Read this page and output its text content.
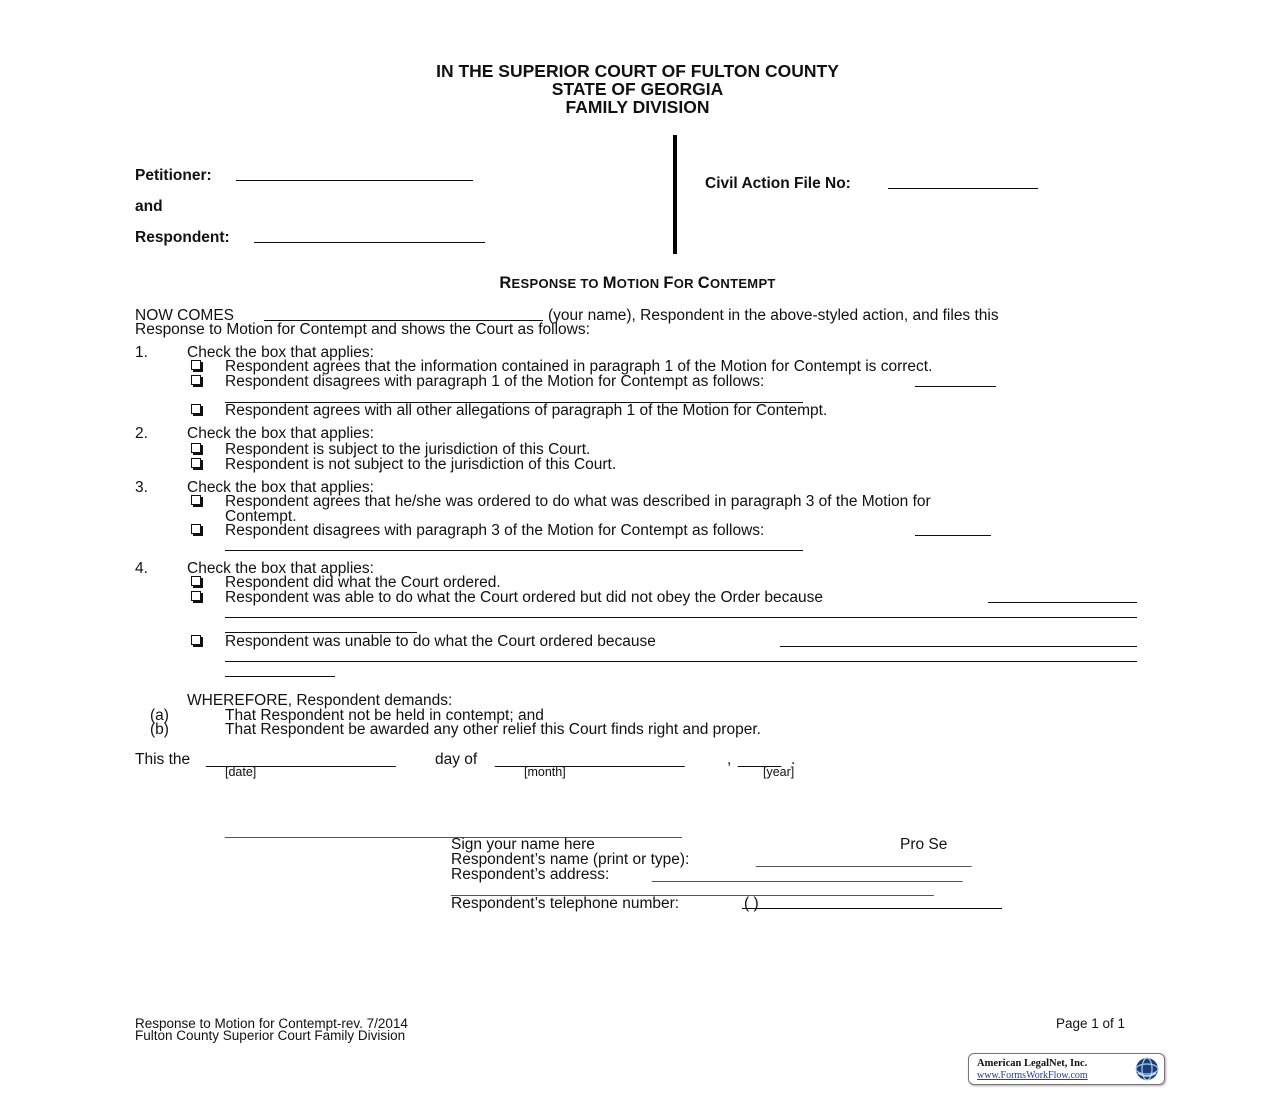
IN THE SUPERIOR COURT OF FULTON COUNTY
STATE OF GEORGIA
FAMILY DIVISION
Petitioner:
and
Respondent:
Civil Action File No:
RESPONSE TO MOTION FOR CONTEMPT
NOW COMES	(your name), Respondent in the above-styled action, and files this
Response to Motion for Contempt and shows the Court as follows:
1.	Check the box that applies:
Respondent agrees that the information contained in paragraph 1 of the Motion for Contempt is correct.
Respondent disagrees with paragraph 1 of the Motion for Contempt as follows:
Respondent agrees with all other allegations of paragraph 1 of the Motion for Contempt.
2.	Check the box that applies:
Respondent is subject to the jurisdiction of this Court.
Respondent is not subject to the jurisdiction of this Court.
3.	Check the box that applies:
Respondent agrees that he/she was ordered to do what was described in paragraph 3 of the Motion for
Contempt.
Respondent disagrees with paragraph 3 of the Motion for Contempt as follows:
4.	Check the box that applies:
Respondent did what the Court ordered.
Respondent was able to do what the Court ordered but did not obey the Order because
Respondent was unable to do what the Court ordered because
WHEREFORE, Respondent demands:
(a)	That Respondent not be held in contempt; and
(b)	That Respondent be awarded any other relief this Court finds right and proper.
This the ______________________	day of ______________________	, _____ .
[date]	[month]	[year]
_____________________________________________________
Sign your name here	Pro Se
Respondent’s name (print or type):	_________________________
Respondent’s address:	____________________________________
________________________________________________________
Respondent’s telephone number:	( )
Response to Motion for Contempt-rev. 7/2014
Fulton County Superior Court Family Division
Page 1 of 1
American LegalNet, Inc.
www.FormsWorkFlow.com
